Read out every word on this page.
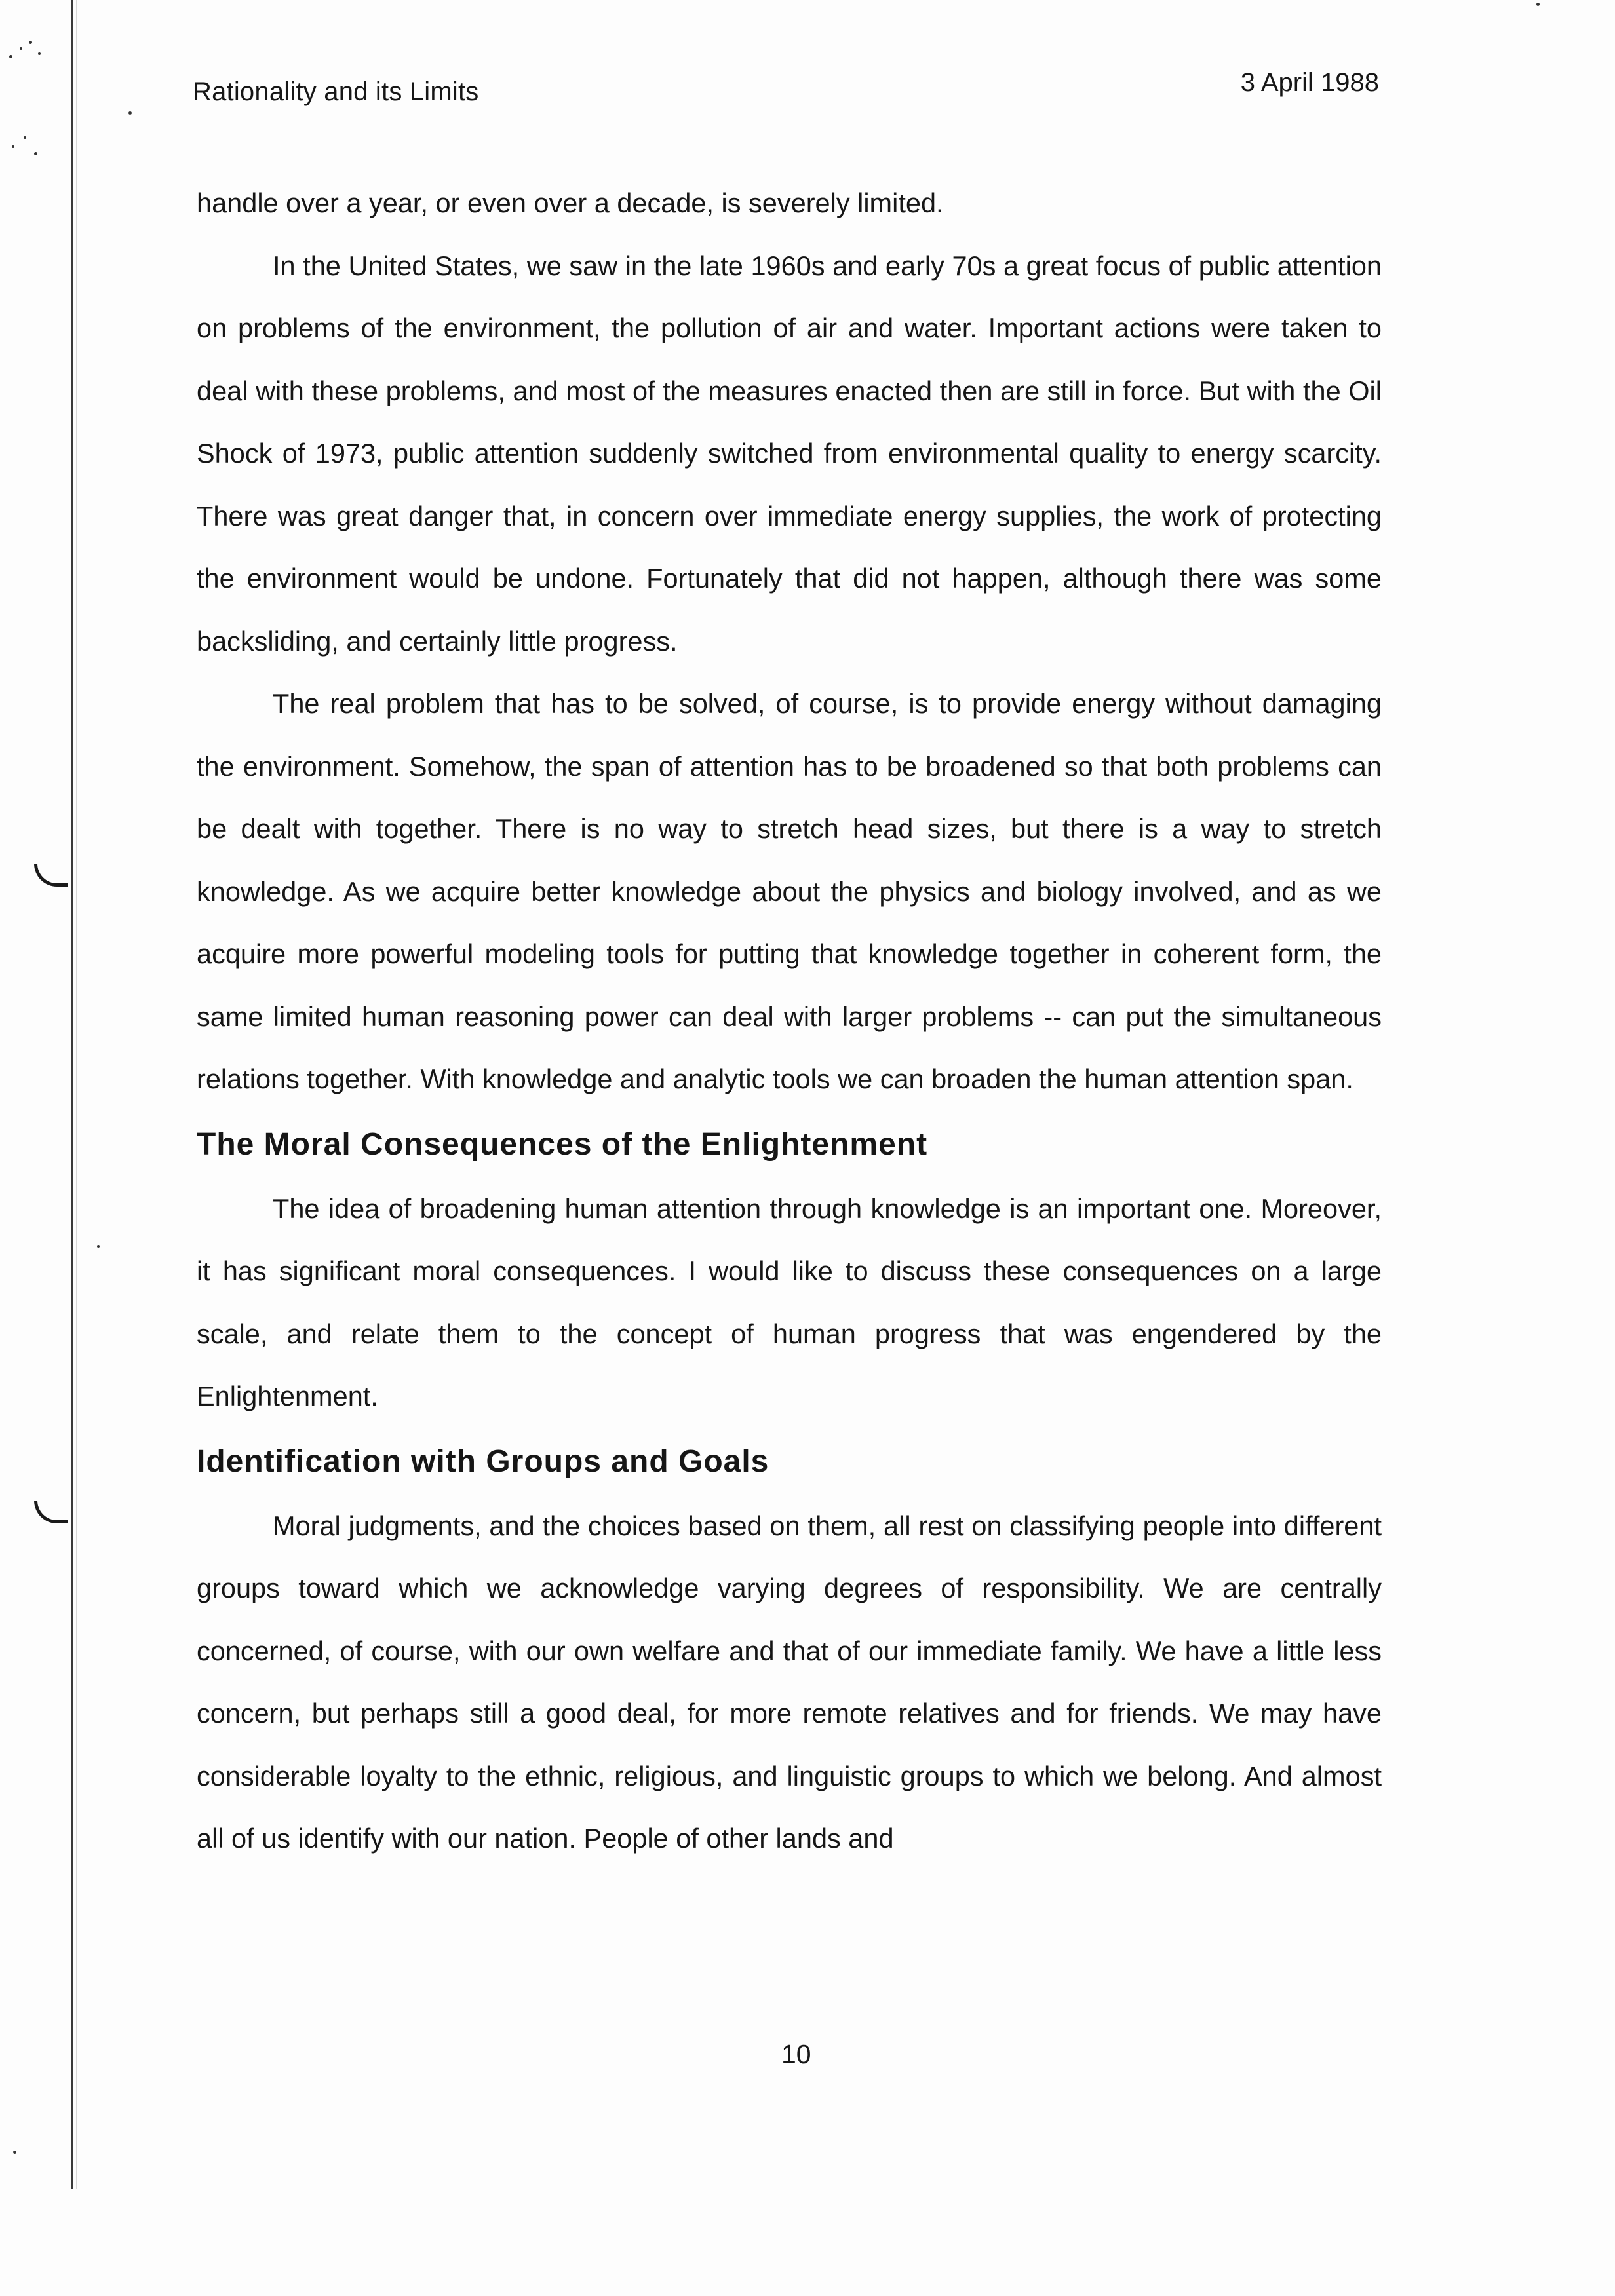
Rationality and its Limits	3 April 1988

handle over a year, or even over a decade, is severely limited.

In the United States, we saw in the late 1960s and early 70s a great focus of public attention on problems of the environment, the pollution of air and water. Important actions were taken to deal with these problems, and most of the measures enacted then are still in force. But with the Oil Shock of 1973, public attention suddenly switched from environmental quality to energy scarcity. There was great danger that, in concern over immediate energy supplies, the work of protecting the environment would be undone. Fortunately that did not happen, although there was some backsliding, and certainly little progress.

The real problem that has to be solved, of course, is to provide energy without damaging the environment. Somehow, the span of attention has to be broadened so that both problems can be dealt with together. There is no way to stretch head sizes, but there is a way to stretch knowledge. As we acquire better knowledge about the physics and biology involved, and as we acquire more powerful modeling tools for putting that knowledge together in coherent form, the same limited human reasoning power can deal with larger problems -- can put the simultaneous relations together. With knowledge and analytic tools we can broaden the human attention span.

The Moral Consequences of the Enlightenment

The idea of broadening human attention through knowledge is an important one. Moreover, it has significant moral consequences. I would like to discuss these consequences on a large scale, and relate them to the concept of human progress that was engendered by the Enlightenment.

Identification with Groups and Goals

Moral judgments, and the choices based on them, all rest on classifying people into different groups toward which we acknowledge varying degrees of responsibility. We are centrally concerned, of course, with our own welfare and that of our immediate family. We have a little less concern, but perhaps still a good deal, for more remote relatives and for friends. We may have considerable loyalty to the ethnic, religious, and linguistic groups to which we belong. And almost all of us identify with our nation. People of other lands and

10
